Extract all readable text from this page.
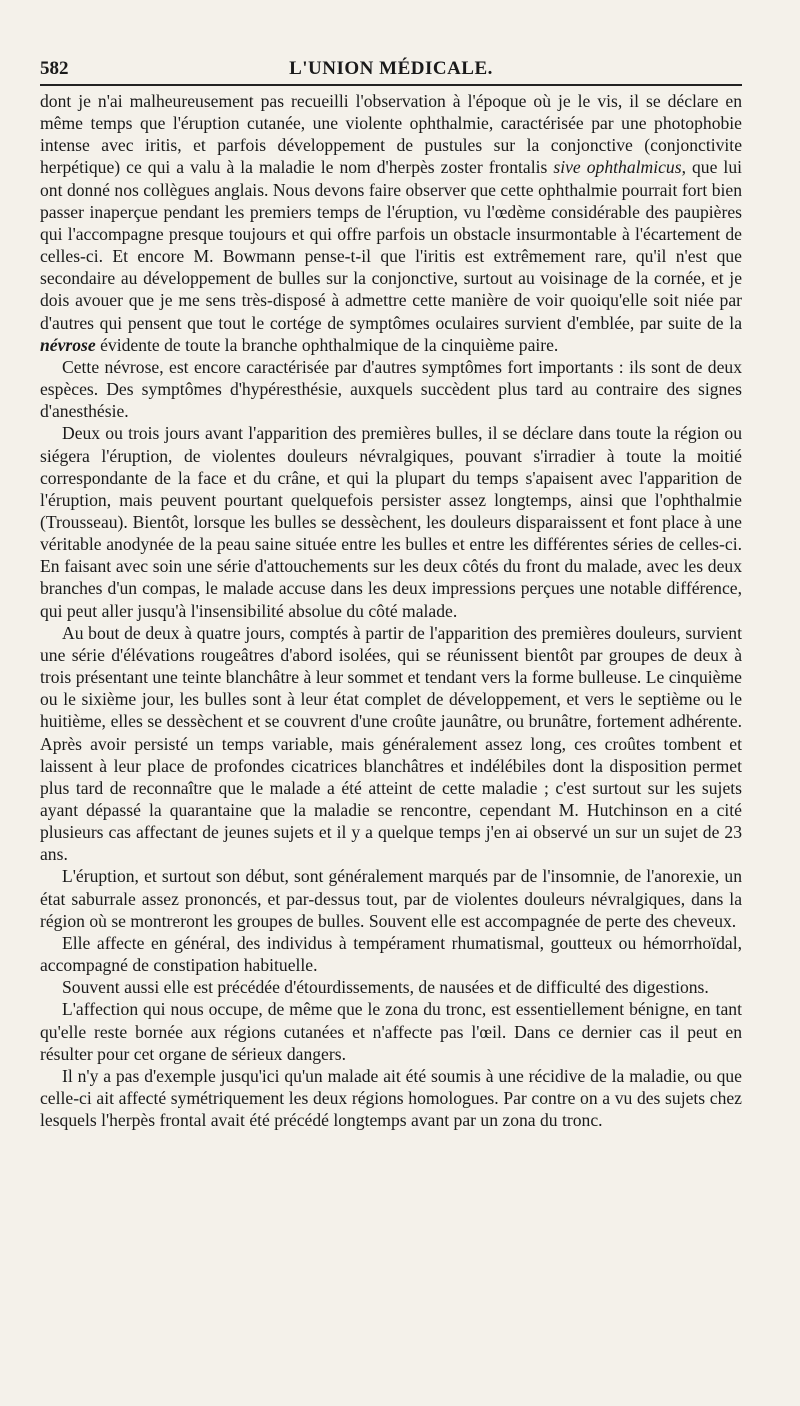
582	L'UNION MÉDICALE.

dont je n'ai malheureusement pas recueilli l'observation à l'époque où je le vis, il se déclare en même temps que l'éruption cutanée, une violente ophthalmie, caractérisée par une photophobie intense avec iritis, et parfois développement de pustules sur la conjonctive (conjonctivite herpétique) ce qui a valu à la maladie le nom d'herpès zoster frontalis sive ophthalmicus, que lui ont donné nos collègues anglais. Nous devons faire observer que cette ophthalmie pourrait fort bien passer inaperçue pendant les premiers temps de l'éruption, vu l'œdème considérable des paupières qui l'accompagne presque toujours et qui offre parfois un obstacle insurmontable à l'écartement de celles-ci. Et encore M. Bowmann pense-t-il que l'iritis est extrêmement rare, qu'il n'est que secondaire au développement de bulles sur la conjonctive, surtout au voisinage de la cornée, et je dois avouer que je me sens très-disposé à admettre cette manière de voir quoiqu'elle soit niée par d'autres qui pensent que tout le cortége de symptômes oculaires survient d'emblée, par suite de la névrose évidente de toute la branche ophthalmique de la cinquième paire.

Cette névrose, est encore caractérisée par d'autres symptômes fort importants : ils sont de deux espèces. Des symptômes d'hypéresthésie, auxquels succèdent plus tard au contraire des signes d'anesthésie.

Deux ou trois jours avant l'apparition des premières bulles, il se déclare dans toute la région ou siégera l'éruption, de violentes douleurs névralgiques, pouvant s'irradier à toute la moitié correspondante de la face et du crâne, et qui la plupart du temps s'apaisent avec l'apparition de l'éruption, mais peuvent pourtant quelquefois persister assez longtemps, ainsi que l'ophthalmie (Trousseau). Bientôt, lorsque les bulles se dessèchent, les douleurs disparaissent et font place à une véritable anodynée de la peau saine située entre les bulles et entre les différentes séries de celles-ci. En faisant avec soin une série d'attouchements sur les deux côtés du front du malade, avec les deux branches d'un compas, le malade accuse dans les deux impressions perçues une notable différence, qui peut aller jusqu'à l'insensibilité absolue du côté malade.

Au bout de deux à quatre jours, comptés à partir de l'apparition des premières douleurs, survient une série d'élévations rougeâtres d'abord isolées, qui se réunissent bientôt par groupes de deux à trois présentant une teinte blanchâtre à leur sommet et tendant vers la forme bulleuse. Le cinquième ou le sixième jour, les bulles sont à leur état complet de développement, et vers le septième ou le huitième, elles se dessèchent et se couvrent d'une croûte jaunâtre, ou brunâtre, fortement adhérente. Après avoir persisté un temps variable, mais généralement assez long, ces croûtes tombent et laissent à leur place de profondes cicatrices blanchâtres et indélébiles dont la disposition permet plus tard de reconnaître que le malade a été atteint de cette maladie ; c'est surtout sur les sujets ayant dépassé la quarantaine que la maladie se rencontre, cependant M. Hutchinson en a cité plusieurs cas affectant de jeunes sujets et il y a quelque temps j'en ai observé un sur un sujet de 23 ans.

L'éruption, et surtout son début, sont généralement marqués par de l'insomnie, de l'anorexie, un état saburrale assez prononcés, et par-dessus tout, par de violentes douleurs névralgiques, dans la région où se montreront les groupes de bulles. Souvent elle est accompagnée de perte des cheveux.

Elle affecte en général, des individus à tempérament rhumatismal, goutteux ou hémorrhoïdal, accompagné de constipation habituelle.

Souvent aussi elle est précédée d'étourdissements, de nausées et de difficulté des digestions.

L'affection qui nous occupe, de même que le zona du tronc, est essentiellement bénigne, en tant qu'elle reste bornée aux régions cutanées et n'affecte pas l'œil. Dans ce dernier cas il peut en résulter pour cet organe de sérieux dangers.

Il n'y a pas d'exemple jusqu'ici qu'un malade ait été soumis à une récidive de la maladie, ou que celle-ci ait affecté symétriquement les deux régions homologues. Par contre on a vu des sujets chez lesquels l'herpès frontal avait été précédé longtemps avant par un zona du tronc.
